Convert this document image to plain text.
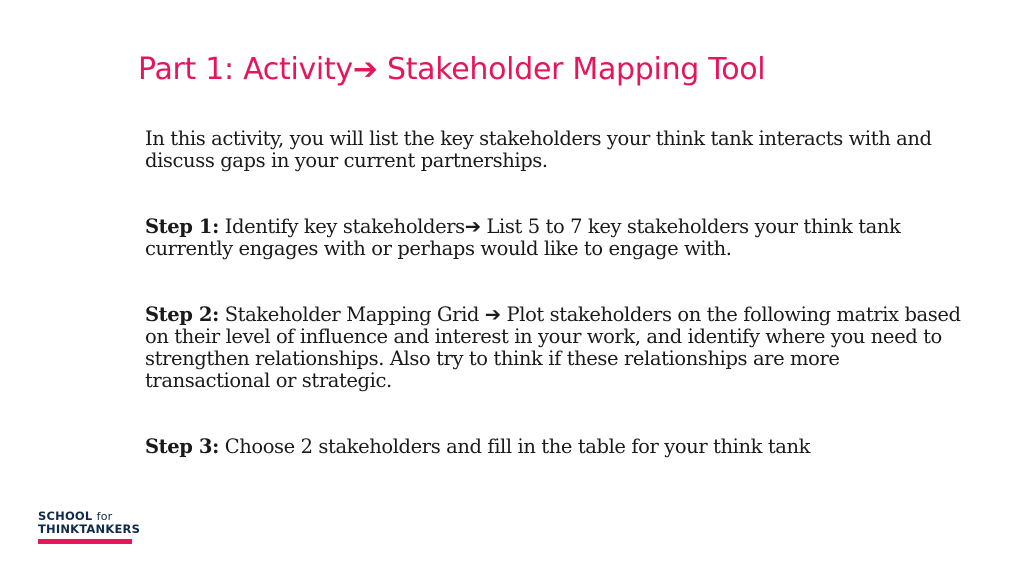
Part 1: Activity➔ Stakeholder Mapping Tool

In this activity, you will list the key stakeholders your think tank interacts with and discuss gaps in your current partnerships.

Step 1: Identify key stakeholders➔ List 5 to 7 key stakeholders your think tank currently engages with or perhaps would like to engage with.

Step 2: Stakeholder Mapping Grid ➔ Plot stakeholders on the following matrix based on their level of influence and interest in your work, and identify where you need to strengthen relationships. Also try to think if these relationships are more transactional or strategic.

Step 3: Choose 2 stakeholders and fill in the table for your think tank

SCHOOL for
THINKTANKERS
